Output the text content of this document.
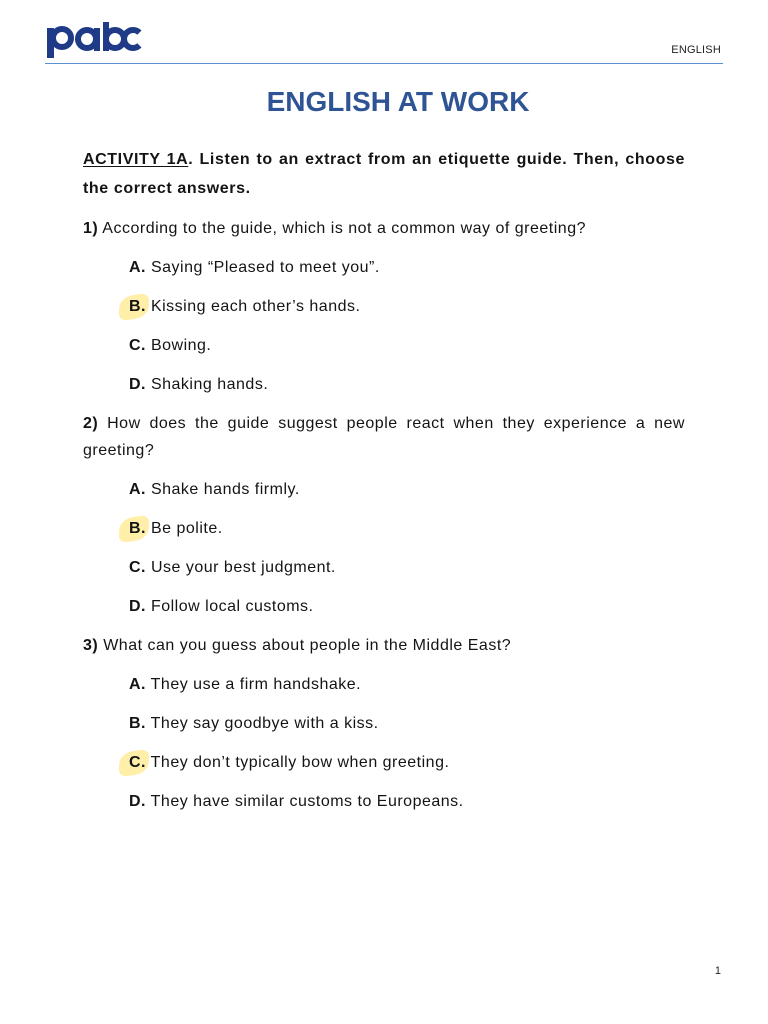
ENGLISH
ENGLISH AT WORK

ACTIVITY 1A. Listen to an extract from an etiquette guide. Then, choose the correct answers.

1) According to the guide, which is not a common way of greeting?

A. Saying “Pleased to meet you”.

B. Kissing each other’s hands.

C. Bowing.

D. Shaking hands.

2) How does the guide suggest people react when they experience a new greeting?

A. Shake hands firmly.

B. Be polite.

C. Use your best judgment.

D. Follow local customs.

3) What can you guess about people in the Middle East?

A. They use a firm handshake.

B. They say goodbye with a kiss.

C. They don’t typically bow when greeting.

D. They have similar customs to Europeans.

1
